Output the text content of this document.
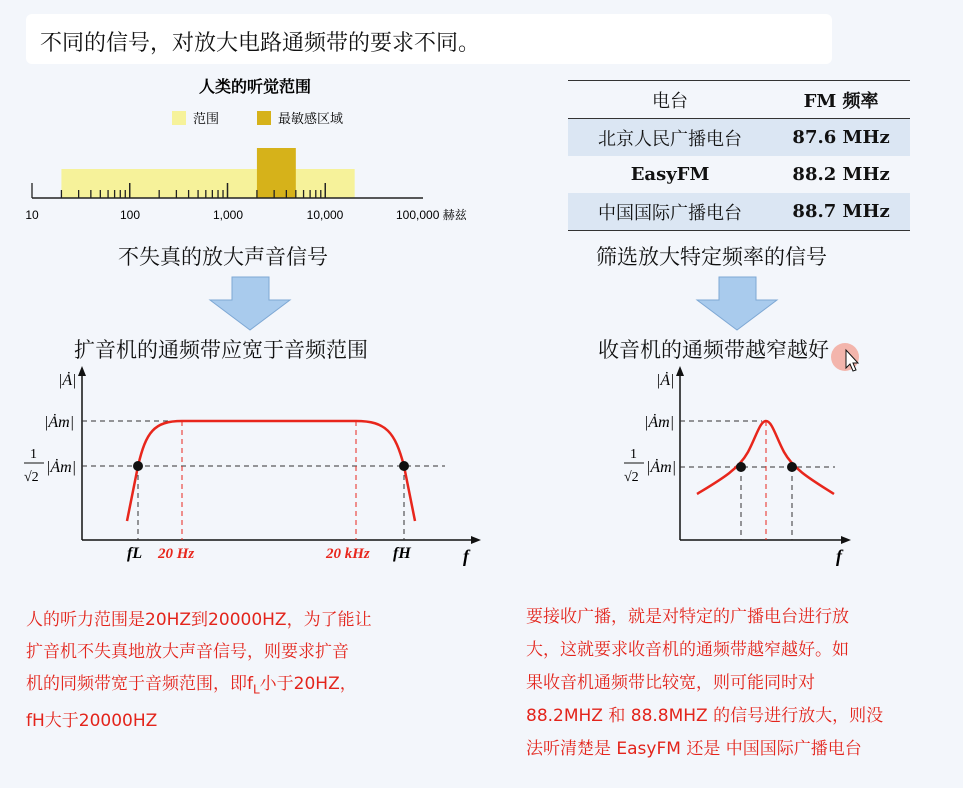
不同的信号，对放大电路通频带的要求不同。
人类的听觉范围
范围	最敏感区域
10	100	1,000	10,000	100,000 赫兹
|Ȧ|
|Ȧm|
1
√2
|Ȧm|
fL 20 Hz	20 kHz fH	f
|Ȧ|
|Ȧm|
1
√2
|Ȧm|
f
不失真的放大声音信号	筛选放大特定频率的信号
扩音机的通频带应宽于音频范围	收音机的通频带越窄越好
电台	FM 频率
北京人民广播电台	87.6 MHz
EasyFM	88.2 MHz
中国国际广播电台	88.7 MHz
人的听力范围是20HZ到20000HZ，为了能让
扩音机不失真地放大声音信号，则要求扩音
机的同频带宽于音频范围，即$f_L$小于20HZ，
fH大于20000HZ
要接收广播，就是对特定的广播电台进行放
大，这就要求收音机的通频带越窄越好。如
果收音机通频带比较宽，则可能同时对
88.2MHZ 和 88.8MHZ 的信号进行放大，则没
法听清楚是 EasyFM 还是 中国国际广播电台
